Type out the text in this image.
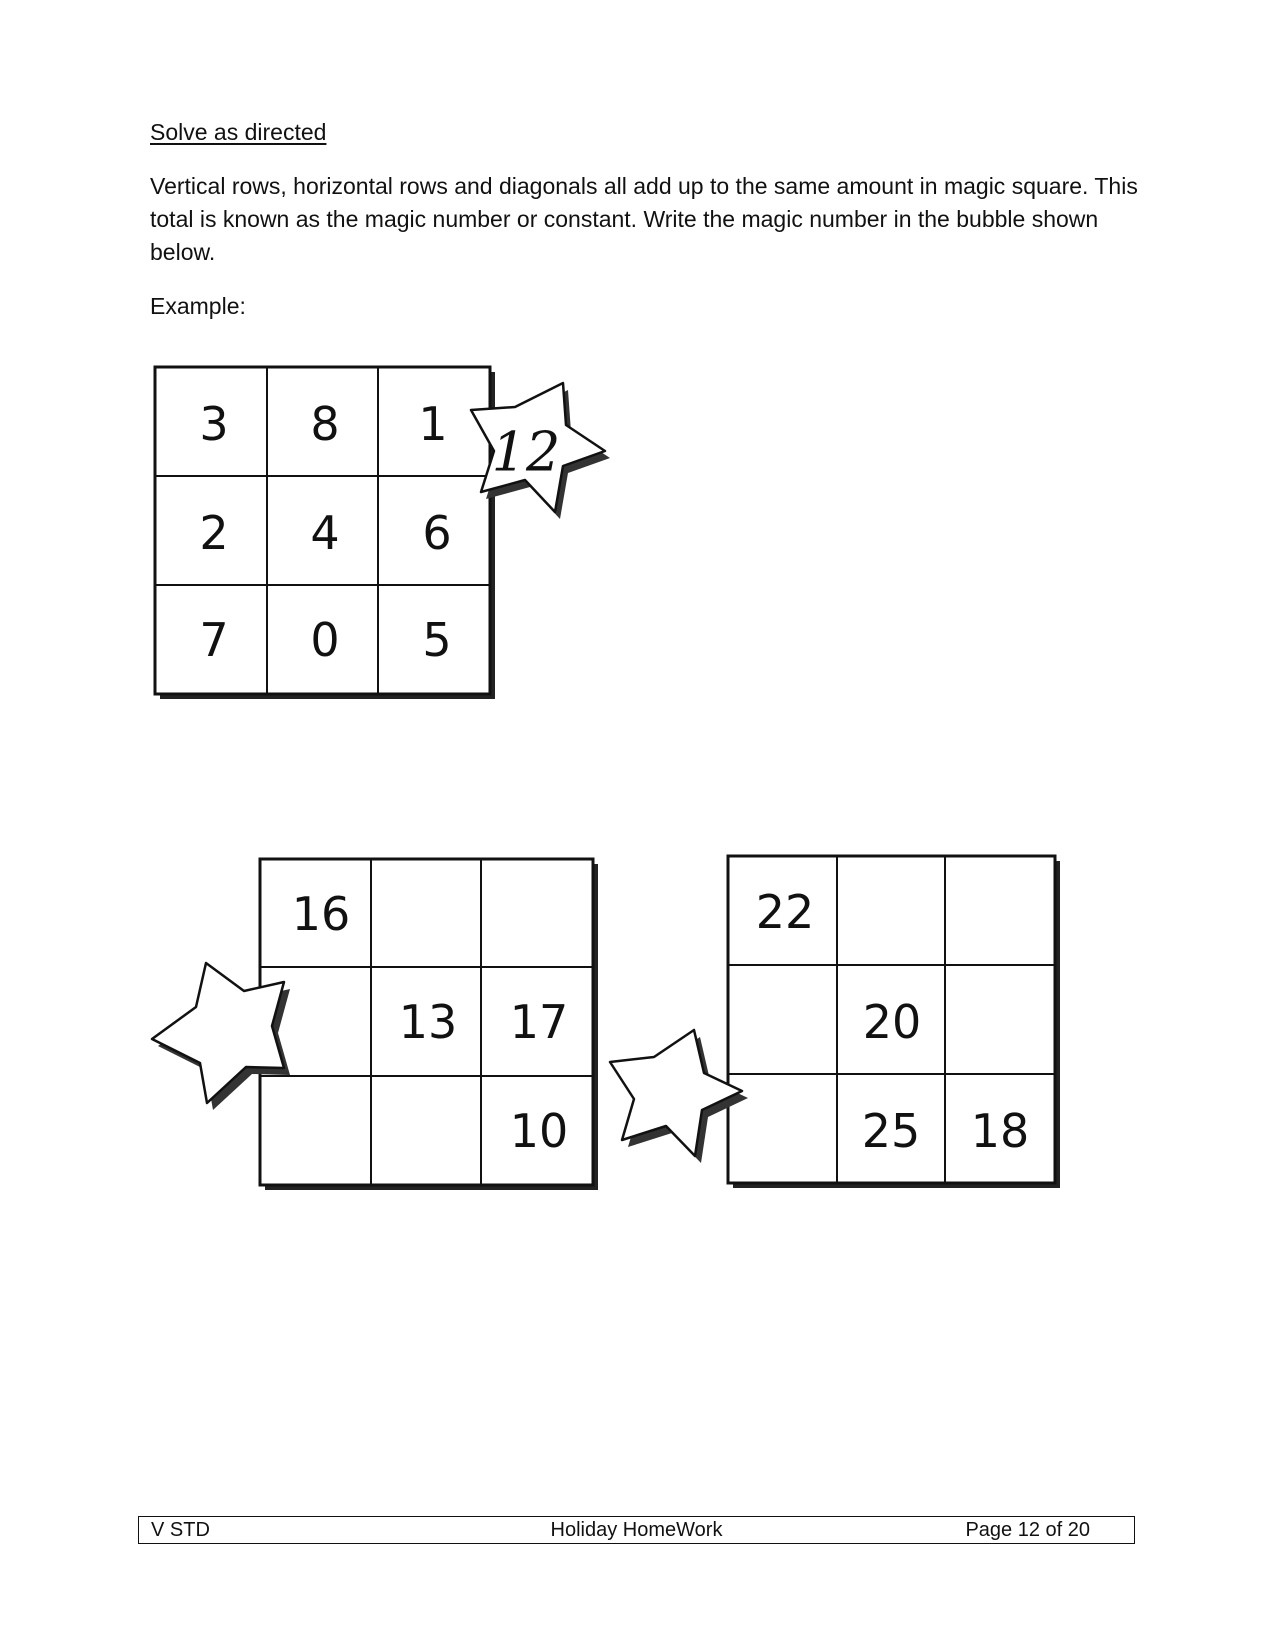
Solve as directed
Vertical rows, horizontal rows and diagonals all add up to the same amount in magic square. This total is known as the magic number or constant. Write the magic number in the bubble shown below.
Example:
3 8 1
2 4 6
7 0 5
12
16
13 17
10
22
20
25 18
V STD	Holiday HomeWork	Page 12 of 20
